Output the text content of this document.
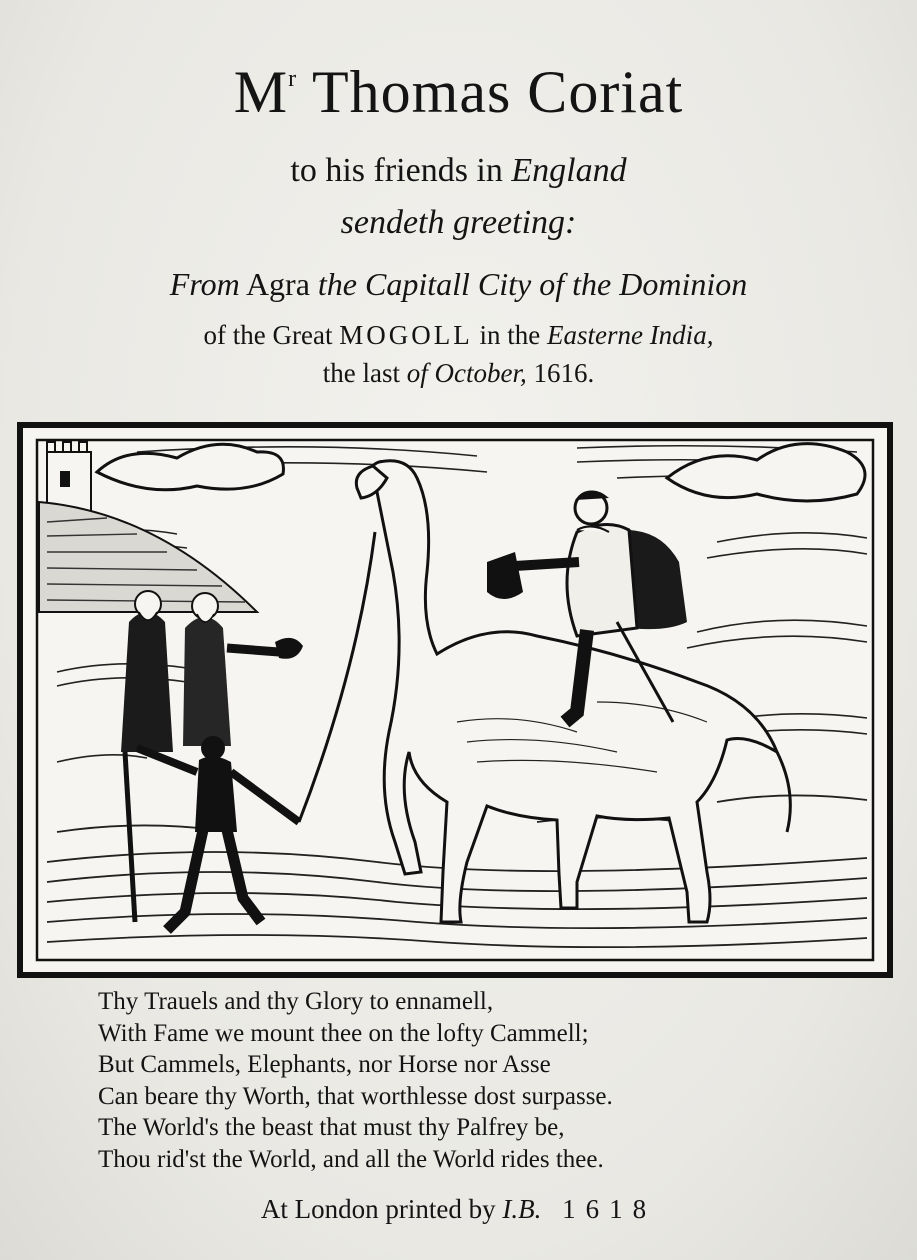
$M^r$ Thomas Coriat
to his friends in England
sendeth greeting:
From Agra the Capitall City of the Dominion
of the Great MOGOLL in the Easterne India,
the last of October, 1616.
Thy Trauels and thy Glory to ennamell,
With Fame we mount thee on the lofty Cammell;
But Cammels, Elephants, nor Horse nor Asse
Can beare thy Worth, that worthlesse dost surpasse.
The World's the beast that must thy Palfrey be,
Thou rid'st the World, and all the World rides thee.
At London printed by I.B. 1618
